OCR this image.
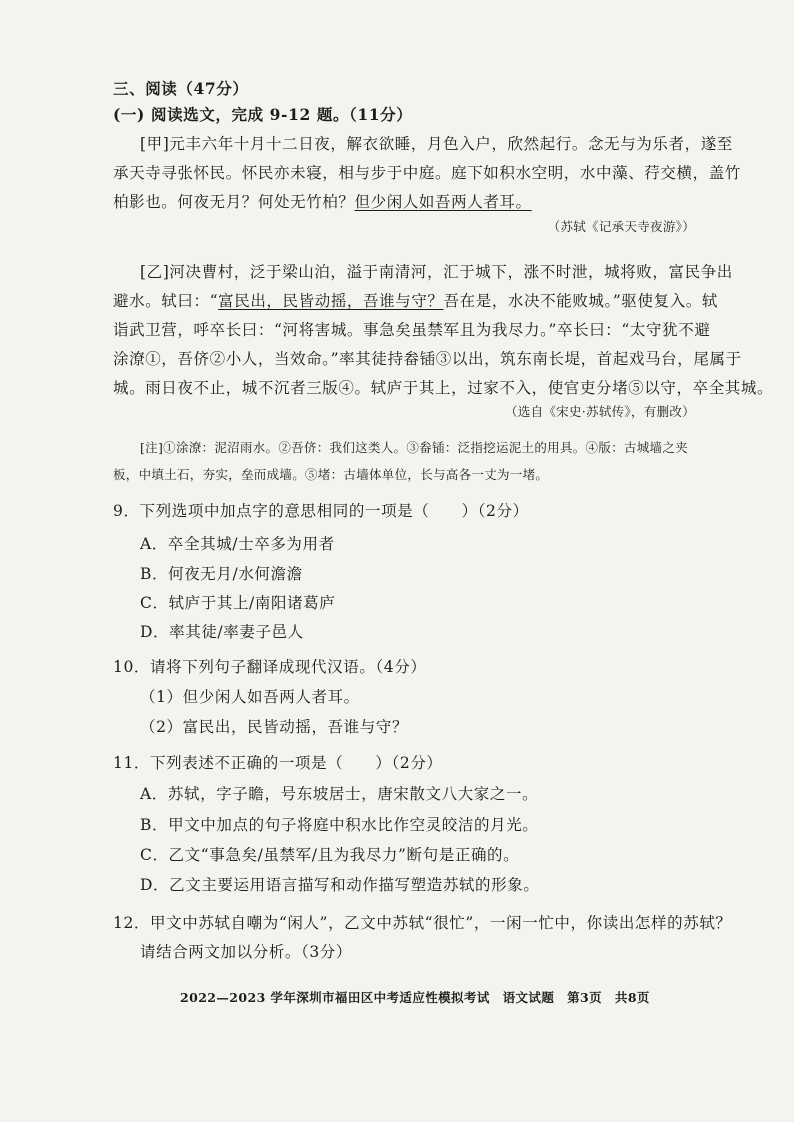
三、阅读（47分）
(一) 阅读选文，完成 9-12 题。（11分）
[甲]元丰六年十月十二日夜，解衣欲睡，月色入户，欣然起行。念无与为乐者，遂至
承天寺寻张怀民。怀民亦未寝，相与步于中庭。庭下如积水空明，水中藻、荇交横，盖竹
柏影也。何夜无月？何处无竹柏？但少闲人如吾两人者耳。
（苏轼《记承天寺夜游》）
[乙]河决曹村，泛于梁山泊，溢于南清河，汇于城下，涨不时泄，城将败，富民争出
避水。轼曰：“富民出，民皆动摇，吾谁与守？吾在是，水决不能败城。”驱使复入。轼
诣武卫营，呼卒长曰：“河将害城。事急矣虽禁军且为我尽力。”卒长曰：“太守犹不避
涂潦①，吾侪②小人，当效命。”率其徒持畚锸③以出，筑东南长堤，首起戏马台，尾属于
城。雨日夜不止，城不沉者三版④。轼庐于其上，过家不入，使官吏分堵⑤以守，卒全其城。
（选自《宋史·苏轼传》，有删改）
[注]①涂潦：泥沼雨水。②吾侪：我们这类人。③畚锸：泛指挖运泥土的用具。④版：古城墙之夹
板，中填土石，夯实，垒而成墙。⑤堵：古墙体单位，长与高各一丈为一堵。
9．下列选项中加点字的意思相同的一项是（　　）（2分）
A．卒全其城/士卒多为用者
B．何夜无月/水何澹澹
C．轼庐于其上/南阳诸葛庐
D．率其徒/率妻子邑人
10．请将下列句子翻译成现代汉语。（4分）
（1）但少闲人如吾两人者耳。
（2）富民出，民皆动摇，吾谁与守？
11．下列表述不正确的一项是（　　）（2分）
A．苏轼，字子瞻，号东坡居士，唐宋散文八大家之一。
B．甲文中加点的句子将庭中积水比作空灵皎洁的月光。
C．乙文“事急矣/虽禁军/且为我尽力”断句是正确的。
D．乙文主要运用语言描写和动作描写塑造苏轼的形象。
12．甲文中苏轼自嘲为“闲人”，乙文中苏轼“很忙”，一闲一忙中，你读出怎样的苏轼？
请结合两文加以分析。（3分）
2022—2023 学年深圳市福田区中考适应性模拟考试　语文试题　第3页　共8页
